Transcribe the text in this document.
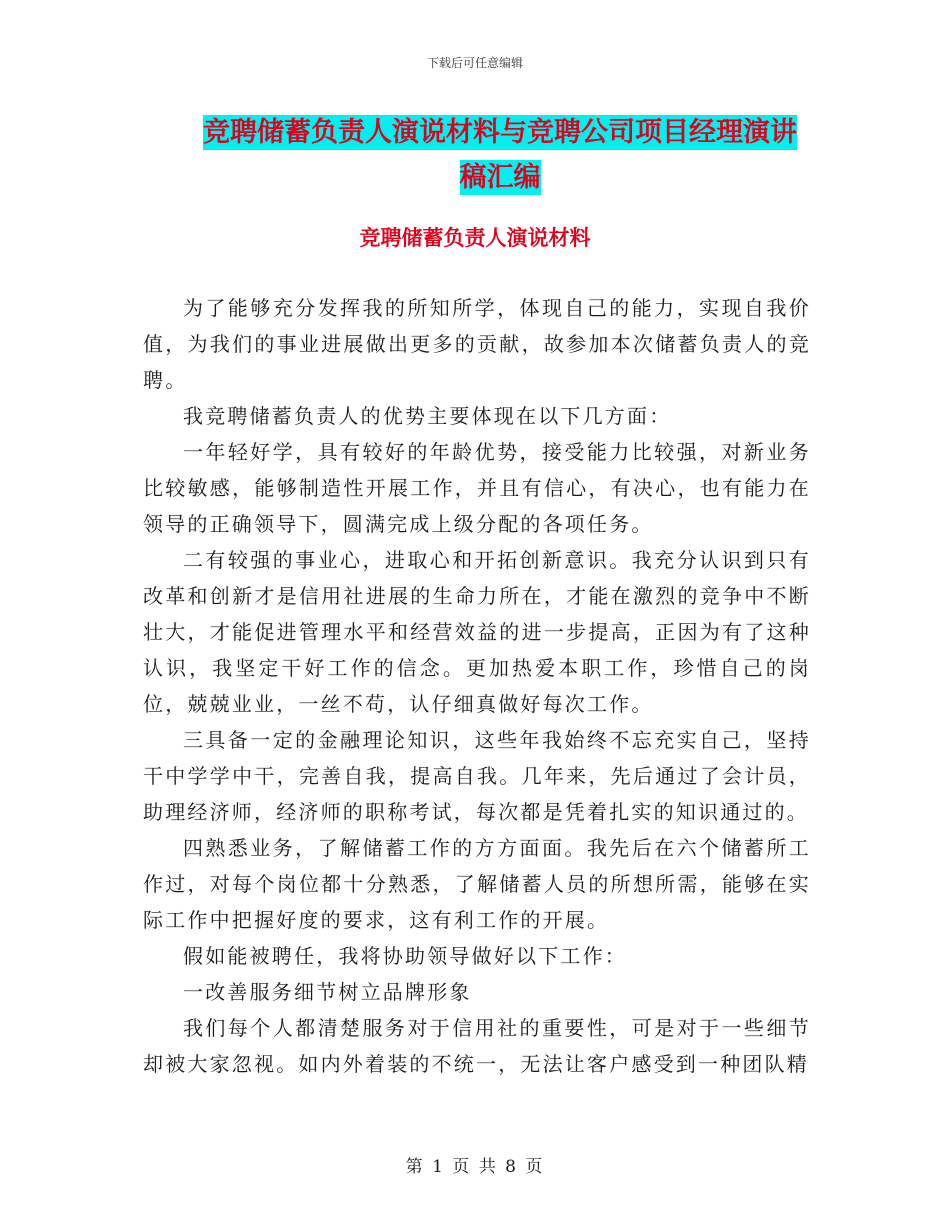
下载后可任意编辑
竞聘储蓄负责人演说材料与竞聘公司项目经理演讲稿汇编
竞聘储蓄负责人演说材料

为了能够充分发挥我的所知所学，体现自己的能力，实现自我价值，为我们的事业进展做出更多的贡献，故参加本次储蓄负责人的竞聘。

我竞聘储蓄负责人的优势主要体现在以下几方面：

一年轻好学，具有较好的年龄优势，接受能力比较强，对新业务比较敏感，能够制造性开展工作，并且有信心，有决心，也有能力在领导的正确领导下，圆满完成上级分配的各项任务。

二有较强的事业心，进取心和开拓创新意识。我充分认识到只有改革和创新才是信用社进展的生命力所在，才能在激烈的竞争中不断壮大，才能促进管理水平和经营效益的进一步提高，正因为有了这种认识，我坚定干好工作的信念。更加热爱本职工作，珍惜自己的岗位，兢兢业业，一丝不苟，认仔细真做好每次工作。

三具备一定的金融理论知识，这些年我始终不忘充实自己，坚持干中学学中干，完善自我，提高自我。几年来，先后通过了会计员，助理经济师，经济师的职称考试，每次都是凭着扎实的知识通过的。

四熟悉业务，了解储蓄工作的方方面面。我先后在六个储蓄所工作过，对每个岗位都十分熟悉，了解储蓄人员的所想所需，能够在实际工作中把握好度的要求，这有利工作的开展。

假如能被聘任，我将协助领导做好以下工作：

一改善服务细节树立品牌形象

我们每个人都清楚服务对于信用社的重要性，可是对于一些细节却被大家忽视。如内外着装的不统一，无法让客户感受到一种团队精

第 1 页 共 8 页
